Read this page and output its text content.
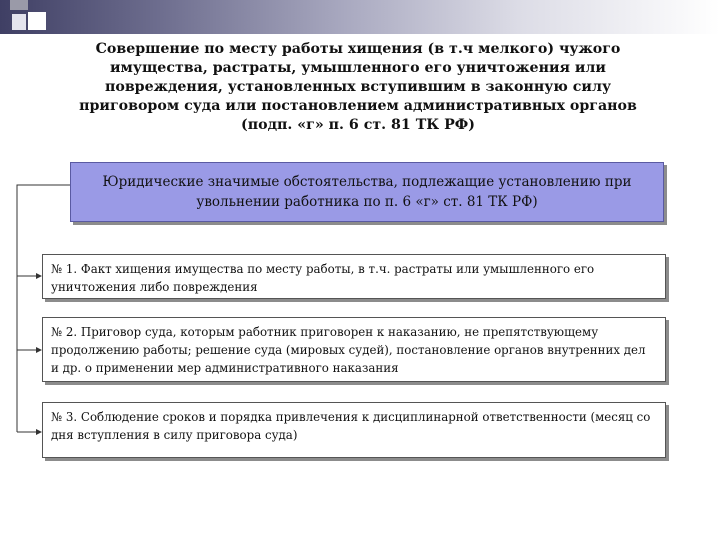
Совершение по месту работы хищения (в т.ч мелкого) чужого имущества, растраты, умышленного его уничтожения или повреждения, установленных вступившим в законную силу приговором суда или постановлением административных органов (подп. «г» п. 6 ст. 81 ТК РФ)
Юридические значимые обстоятельства, подлежащие установлению при увольнении работника по п. 6 «г» ст. 81 ТК РФ)
№ 1. Факт хищения имущества по месту работы, в т.ч. растраты или умышленного его уничтожения либо повреждения
№ 2. Приговор суда, которым работник приговорен к наказанию, не препятствующему продолжению работы; решение суда (мировых судей), постановление органов внутренних дел и др. о применении мер административного наказания
№ 3. Соблюдение сроков и порядка привлечения к дисциплинарной ответственности (месяц со дня вступления в силу приговора суда)
